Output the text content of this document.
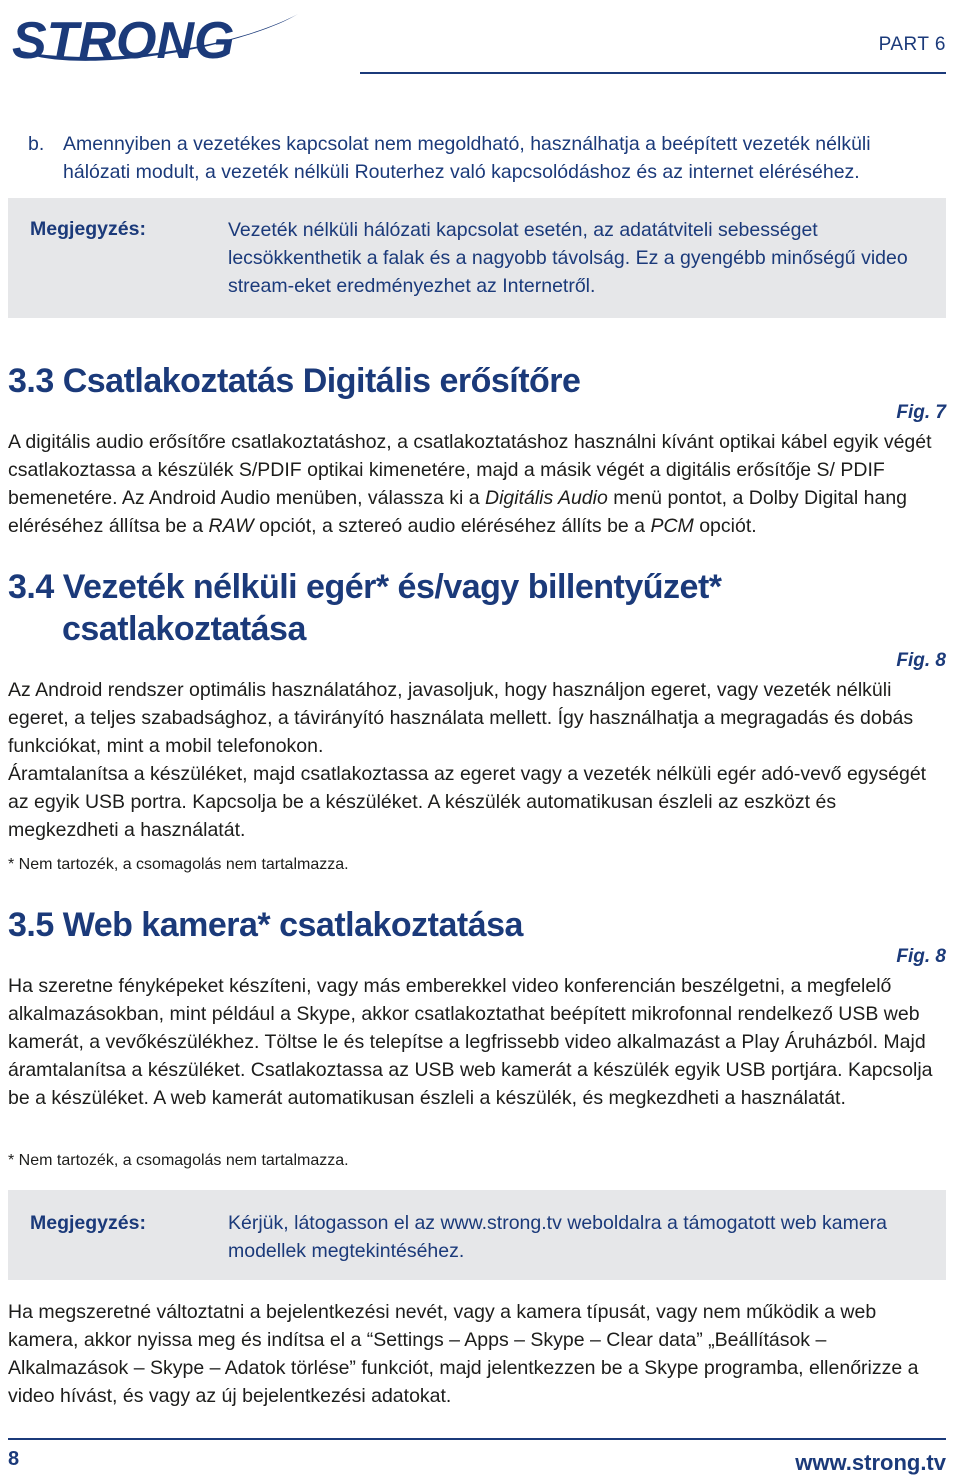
STRONG	PART 6
b. Amennyiben a vezetékes kapcsolat nem megoldható, használhatja a beépített vezeték nélküli hálózati modult, a vezeték nélküli Routerhez való kapcsolódáshoz és az internet eléréséhez.
Megjegyzés:	Vezeték nélküli hálózati kapcsolat esetén, az adatátviteli sebességet lecsökkenthetik a falak és a nagyobb távolság. Ez a gyengébb minőségű video stream-eket eredményezhet az Internetről.
3.3 Csatlakoztatás Digitális erősítőre
Fig. 7

A digitális audio erősítőre csatlakoztatáshoz, a csatlakoztatáshoz használni kívánt optikai kábel egyik végét csatlakoztassa a készülék S/PDIF optikai kimenetére, majd a másik végét a digitális erősítője S/ PDIF bemenetére. Az Android Audio menüben, válassza ki a Digitális Audio menü pontot, a Dolby Digital hang eléréséhez állítsa be a RAW opciót, a sztereó audio eléréséhez állíts be a PCM opciót.

3.4 Vezeték nélküli egér* és/vagy billentyűzet*
csatlakoztatása
Fig. 8

Az Android rendszer optimális használatához, javasoljuk, hogy használjon egeret, vagy vezeték nélküli egeret, a teljes szabadsághoz, a távirányító használata mellett. Így használhatja a megragadás és dobás funkciókat, mint a mobil telefonokon.

Áramtalanítsa a készüléket, majd csatlakoztassa az egeret vagy a vezeték nélküli egér adó-vevő egységét az egyik USB portra. Kapcsolja be a készüléket. A készülék automatikusan észleli az eszközt és megkezdheti a használatát.

* Nem tartozék, a csomagolás nem tartalmazza.
3.5 Web kamera* csatlakoztatása
Fig. 8

Ha szeretne fényképeket készíteni, vagy más emberekkel video konferencián beszélgetni, a megfelelő alkalmazásokban, mint például a Skype, akkor csatlakoztathat beépített mikrofonnal rendelkező USB web kamerát, a vevőkészülékhez. Töltse le és telepítse a legfrissebb video alkalmazást a Play Áruházból. Majd áramtalanítsa a készüléket. Csatlakoztassa az USB web kamerát a készülék egyik USB portjára. Kapcsolja be a készüléket. A web kamerát automatikusan észleli a készülék, és megkezdheti a használatát.

* Nem tartozék, a csomagolás nem tartalmazza.
Megjegyzés:	Kérjük, látogasson el az www.strong.tv weboldalra a támogatott web kamera modellek megtekintéséhez.

Ha megszeretné változtatni a bejelentkezési nevét, vagy a kamera típusát, vagy nem működik a web kamera, akkor nyissa meg és indítsa el a “Settings – Apps – Skype – Clear data” „Beállítások – Alkalmazások – Skype – Adatok törlése” funkciót, majd jelentkezzen be a Skype programba, ellenőrizze a video hívást, és vagy az új bejelentkezési adatokat.

8	www.strong.tv
